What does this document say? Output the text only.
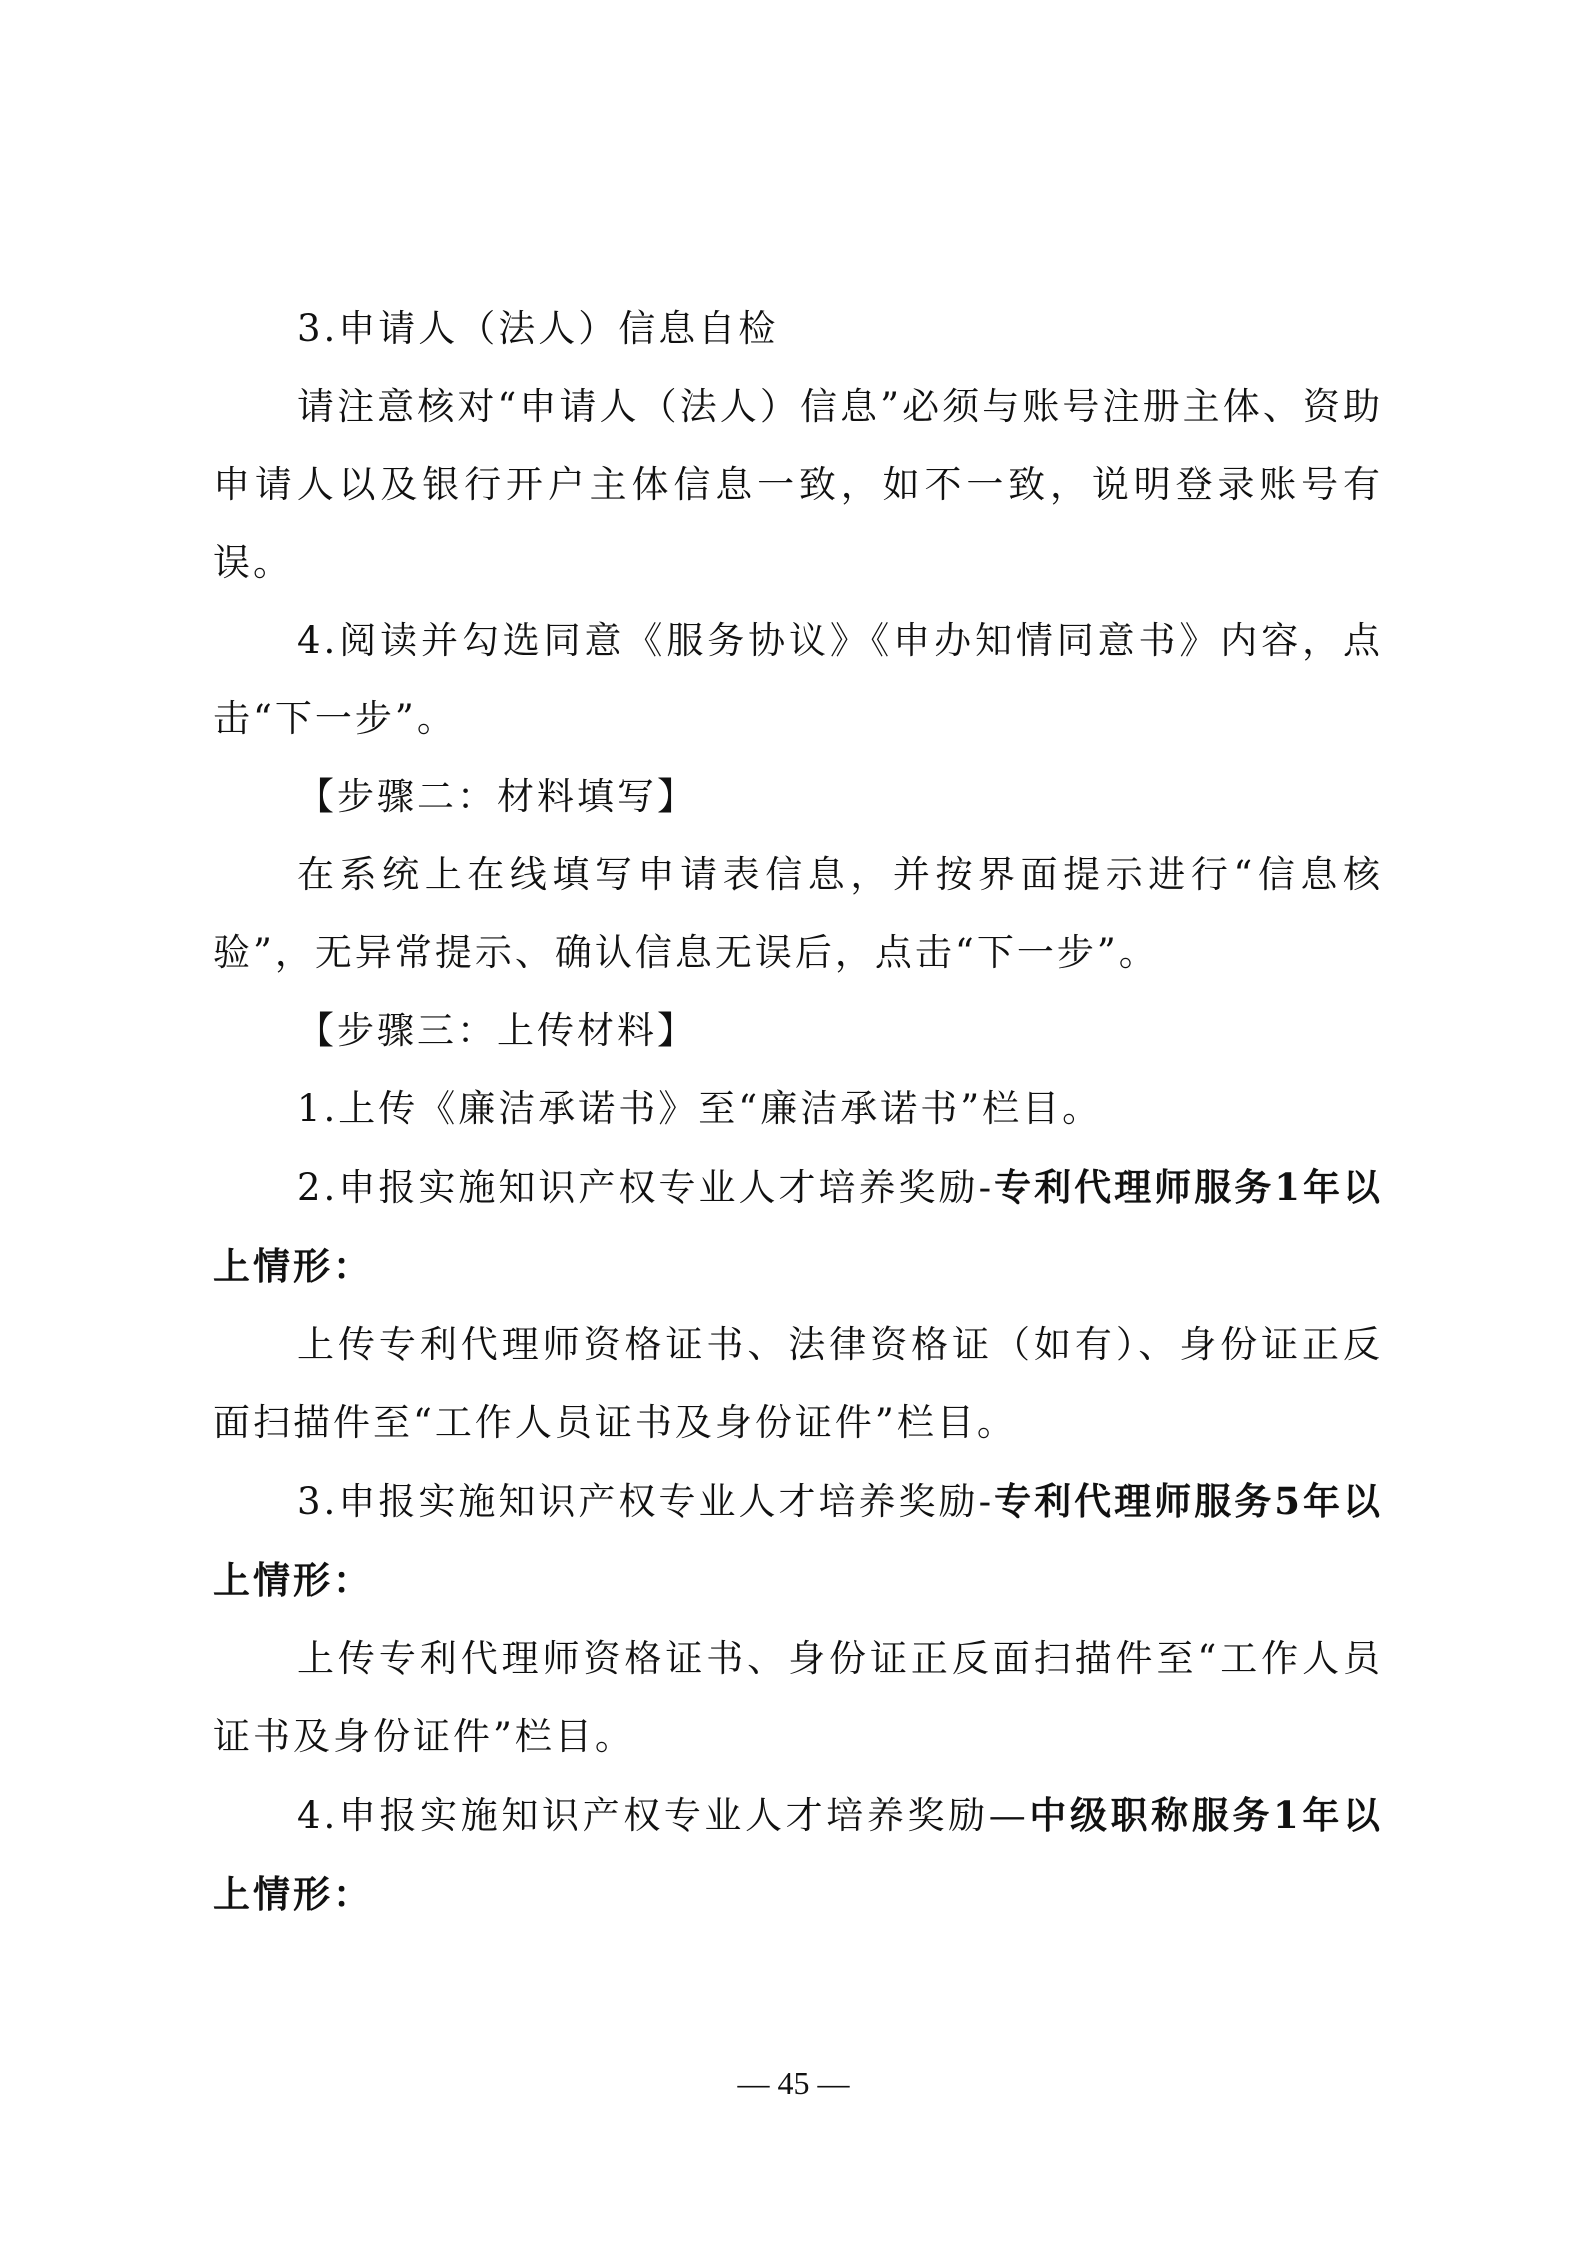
3.申请人（法人）信息自检

请注意核对“申请人（法人）信息”必须与账号注册主体、资助申请人以及银行开户主体信息一致，如不一致，说明登录账号有误。

4.阅读并勾选同意《服务协议》《申办知情同意书》内容，点击“下一步”。

【步骤二：材料填写】

在系统上在线填写申请表信息，并按界面提示进行“信息核验”，无异常提示、确认信息无误后，点击“下一步”。

【步骤三：上传材料】

1.上传《廉洁承诺书》至“廉洁承诺书”栏目。

2.申报实施知识产权专业人才培养奖励-专利代理师服务1年以上情形：

上传专利代理师资格证书、法律资格证（如有）、身份证正反面扫描件至“工作人员证书及身份证件”栏目。

3.申报实施知识产权专业人才培养奖励-专利代理师服务5年以上情形：

上传专利代理师资格证书、身份证正反面扫描件至“工作人员证书及身份证件”栏目。

4.申报实施知识产权专业人才培养奖励—中级职称服务1年以上情形：

— 45 —
